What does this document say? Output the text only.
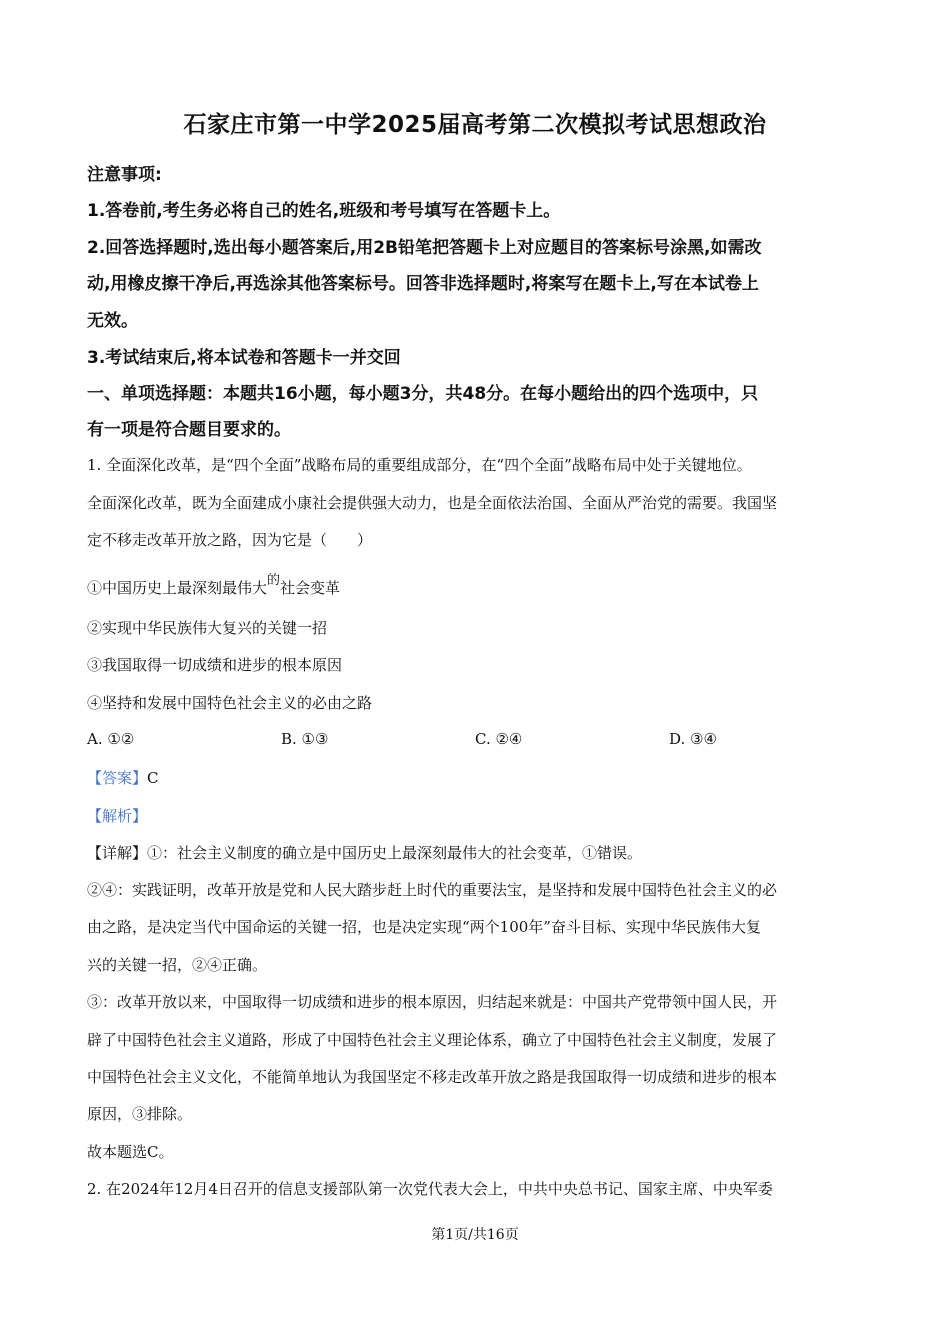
石家庄市第一中学2025届高考第二次模拟考试思想政治
注意事项:
1.答卷前,考生务必将自己的姓名,班级和考号填写在答题卡上。
2.回答选择题时,选出每小题答案后,用2B铅笔把答题卡上对应题目的答案标号涂黑,如需改
动,用橡皮擦干净后,再选涂其他答案标号。回答非选择题时,将案写在题卡上,写在本试卷上
无效。
3.考试结束后,将本试卷和答题卡一并交回
一、单项选择题：本题共16小题，每小题3分，共48分。在每小题给出的四个选项中，只
有一项是符合题目要求的。
1. 全面深化改革，是“四个全面”战略布局的重要组成部分，在“四个全面”战略布局中处于关键地位。
全面深化改革，既为全面建成小康社会提供强大动力，也是全面依法治国、全面从严治党的需要。我国坚
定不移走改革开放之路，因为它是（　　）
①中国历史上最深刻最伟大的社会变革
②实现中华民族伟大复兴的关键一招
③我国取得一切成绩和进步的根本原因
④坚持和发展中国特色社会主义的必由之路
A. ①②	B. ①③	C. ②④	D. ③④
【答案】C
【解析】
【详解】①：社会主义制度的确立是中国历史上最深刻最伟大的社会变革，①错误。
②④：实践证明，改革开放是党和人民大踏步赶上时代的重要法宝，是坚持和发展中国特色社会主义的必
由之路，是决定当代中国命运的关键一招，也是决定实现“两个100年”奋斗目标、实现中华民族伟大复
兴的关键一招，②④正确。
③：改革开放以来，中国取得一切成绩和进步的根本原因，归结起来就是：中国共产党带领中国人民，开
辟了中国特色社会主义道路，形成了中国特色社会主义理论体系，确立了中国特色社会主义制度，发展了
中国特色社会主义文化，不能简单地认为我国坚定不移走改革开放之路是我国取得一切成绩和进步的根本
原因，③排除。
故本题选C。
2. 在2024年12月4日召开的信息支援部队第一次党代表大会上，中共中央总书记、国家主席、中央军委
第1页/共16页
